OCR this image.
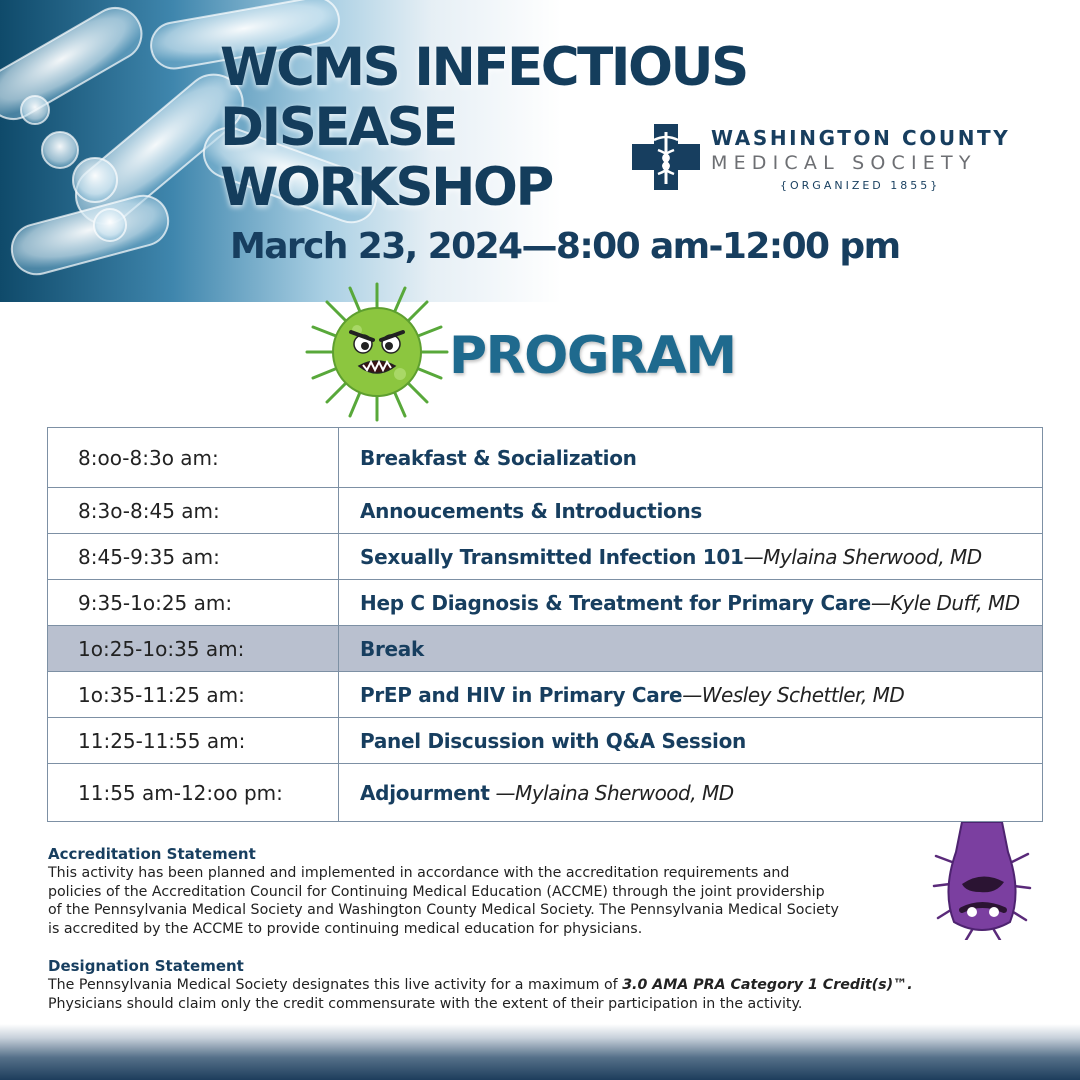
WCMS INFECTIOUS DISEASE
WORKSHOP
WASHINGTON COUNTY
MEDICAL SOCIETY
{ORGANIZED 1855}
March 23, 2024—8:00 am-12:00 pm
PROGRAM
8:oo-8:3o am:	Breakfast & Socialization
8:3o-8:45 am:	Annoucements & Introductions
8:45-9:35 am:	Sexually Transmitted Infection 101—Mylaina Sherwood, MD
9:35-1o:25 am:	Hep C Diagnosis & Treatment for Primary Care—Kyle Duff, MD
1o:25-1o:35 am:	Break
1o:35-11:25 am:	PrEP and HIV in Primary Care—Wesley Schettler, MD
11:25-11:55 am:	Panel Discussion with Q&A Session
11:55 am-12:oo pm:	Adjourment —Mylaina Sherwood, MD
Accreditation Statement

This activity has been planned and implemented in accordance with the accreditation requirements and
policies of the Accreditation Council for Continuing Medical Education (ACCME) through the joint providership
of the Pennsylvania Medical Society and Washington County Medical Society. The Pennsylvania Medical Society
is accredited by the ACCME to provide continuing medical education for physicians.

Designation Statement

The Pennsylvania Medical Society designates this live activity for a maximum of 3.0 AMA PRA Category 1 Credit(s)™.
Physicians should claim only the credit commensurate with the extent of their participation in the activity.
